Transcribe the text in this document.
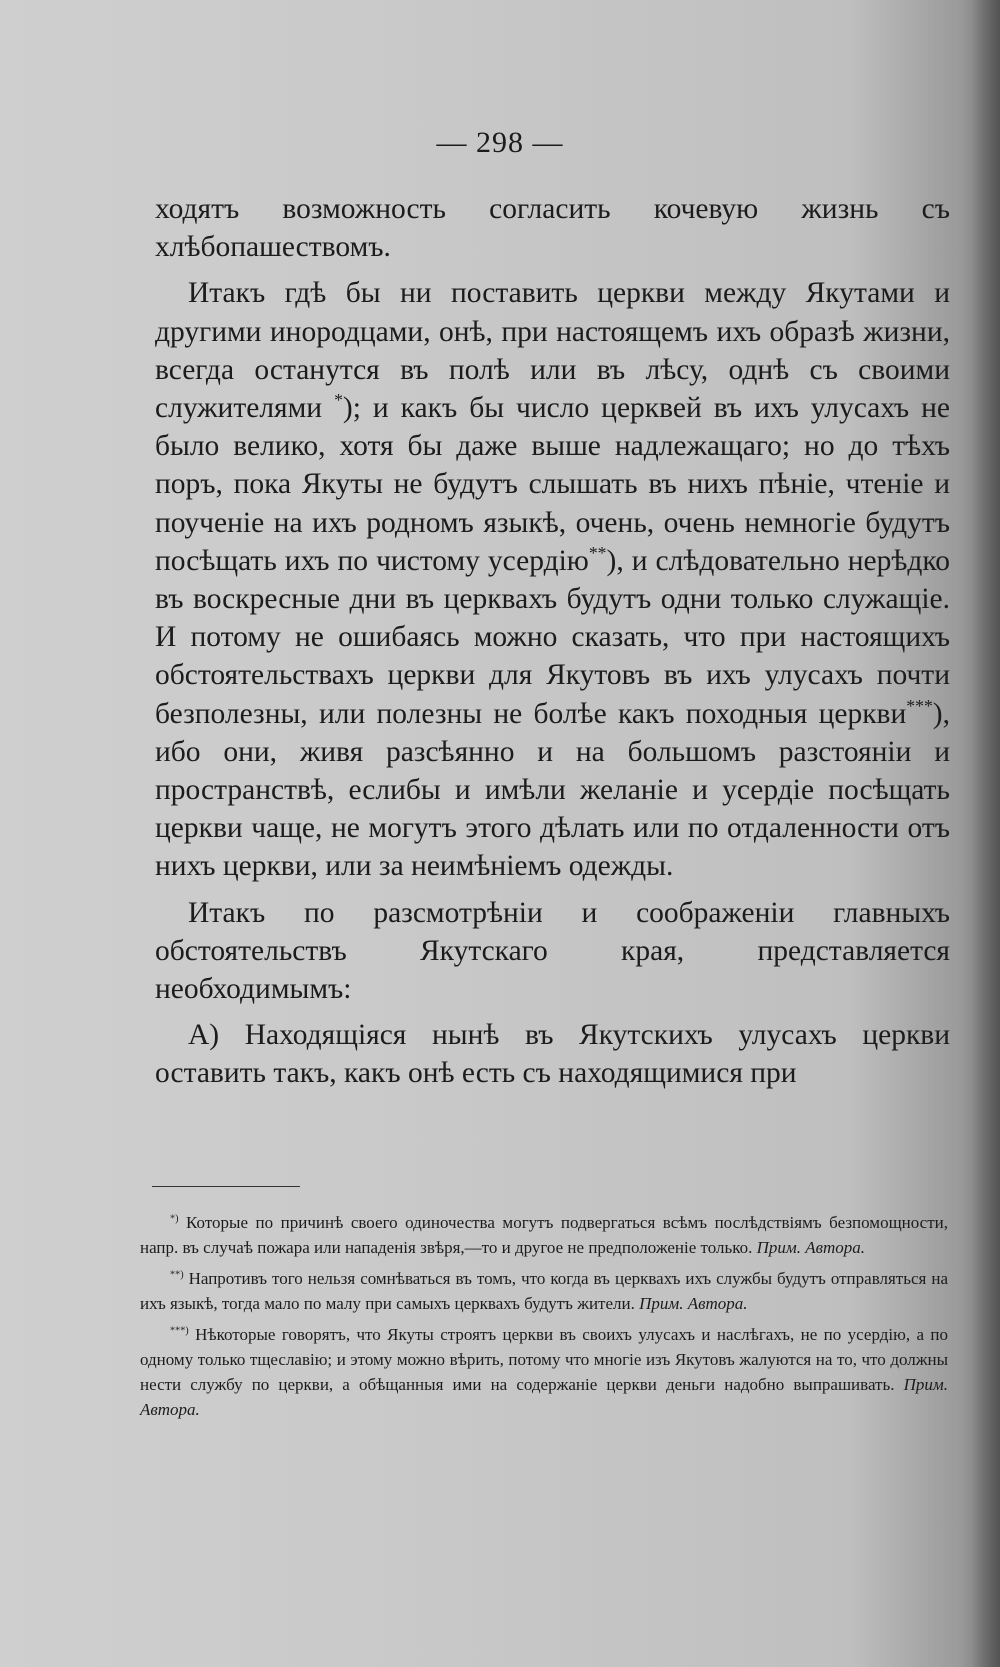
— 298 —

ходятъ возможность согласить кочевую жизнь съ хлѣбопашествомъ.

Итакъ гдѣ бы ни поставить церкви между Якутами и другими инородцами, онѣ, при настоящемъ ихъ образѣ жизни, всегда останутся въ полѣ или въ лѣсу, однѣ съ своими служителями *); и какъ бы число церквей въ ихъ улусахъ не было велико, хотя бы даже выше надлежащаго; но до тѣхъ поръ, пока Якуты не будутъ слышать въ нихъ пѣніе, чтеніе и поученіе на ихъ родномъ языкѣ, очень, очень немногіе будутъ посѣщать ихъ по чистому усердію**), и слѣдовательно нерѣдко въ воскресные дни въ церквахъ будутъ одни только служащіе. И потому не ошибаясь можно сказать, что при настоящихъ обстоятельствахъ церкви для Якутовъ въ ихъ улусахъ почти безполезны, или полезны не болѣе какъ походныя церкви***), ибо они, живя разсѣянно и на большомъ разстояніи и пространствѣ, еслибы и имѣли желаніе и усердіе посѣщать церкви чаще, не могутъ этого дѣлать или по отдаленности отъ нихъ церкви, или за неимѣніемъ одежды.

Итакъ по разсмотрѣніи и соображеніи главныхъ обстоятельствъ Якутскаго края, представляется необходимымъ:

А) Находящіяся нынѣ въ Якутскихъ улусахъ церкви оставить такъ, какъ онѣ есть съ находящимися при

*) Которые по причинѣ своего одиночества могутъ подвергаться всѣмъ послѣдствіямъ безпомощности, напр. въ случаѣ пожара или нападенія звѣря,—то и другое не предположеніе только. Прим. Автора.

**) Напротивъ того нельзя сомнѣваться въ томъ, что когда въ церквахъ ихъ службы будутъ отправляться на ихъ языкѣ, тогда мало по малу при самыхъ церквахъ будутъ жители. Прим. Автора.

***) Нѣкоторые говорятъ, что Якуты строятъ церкви въ своихъ улусахъ и наслѣгахъ, не по усердію, а по одному только тщеславію; и этому можно вѣрить, потому что многіе изъ Якутовъ жалуются на то, что должны нести службу по церкви, а обѣщанныя ими на содержаніе церкви деньги надобно выпрашивать. Прим. Автора.
